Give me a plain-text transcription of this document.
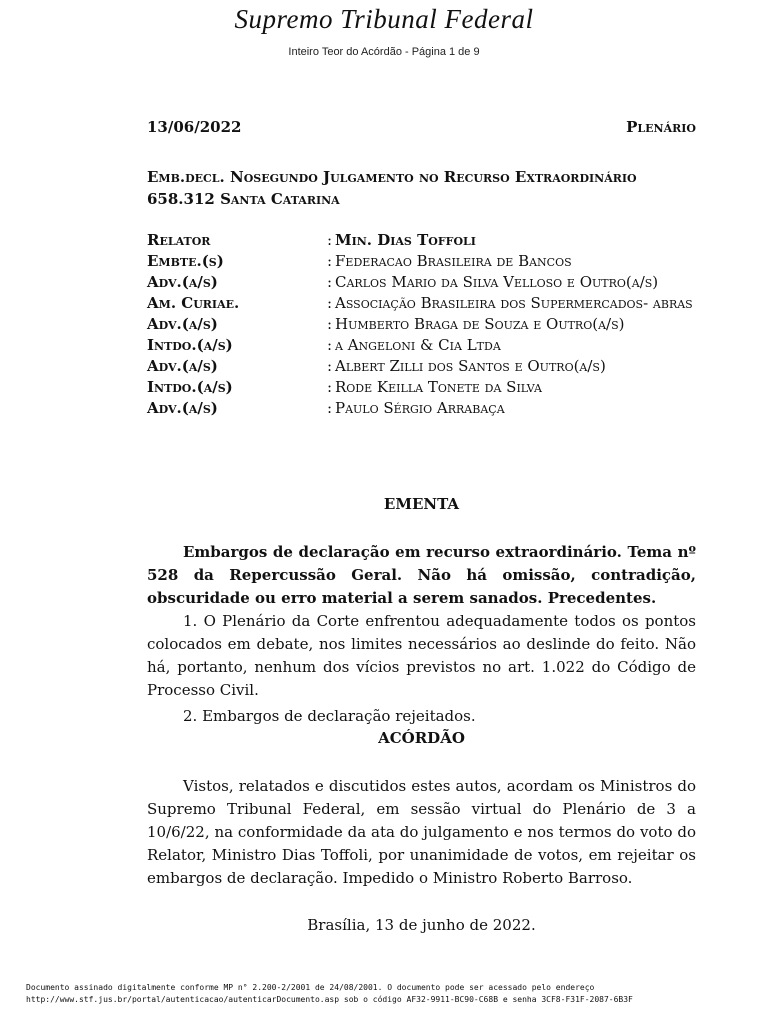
Supremo Tribunal Federal
Inteiro Teor do Acórdão - Página 1 de 9
13/06/2022	Plenário
Emb.decl. Nosegundo Julgamento no Recurso Extraordinário
658.312 Santa Catarina
Relator	: Min. Dias Toffoli
Embte.(s)	: Federacao Brasileira de Bancos
Adv.(a/s)	: Carlos Mario da Silva Velloso e Outro(a/s)
Am. Curiae.	: Associação Brasileira dos Supermercados- abras
Adv.(a/s)	: Humberto Braga de Souza e Outro(a/s)
Intdo.(a/s)	: a Angeloni & Cia Ltda
Adv.(a/s)	: Albert Zilli dos Santos e Outro(a/s)
Intdo.(a/s)	: Rode Keilla Tonete da Silva
Adv.(a/s)	: Paulo Sérgio Arrabaça
EMENTA
Embargos de declaração em recurso extraordinário. Tema nº 528 da Repercussão Geral. Não há omissão, contradição, obscuridade ou erro material a serem sanados. Precedentes.
1. O Plenário da Corte enfrentou adequadamente todos os pontos colocados em debate, nos limites necessários ao deslinde do feito. Não há, portanto, nenhum dos vícios previstos no art. 1.022 do Código de Processo Civil.
2. Embargos de declaração rejeitados.
ACÓRDÃO
Vistos, relatados e discutidos estes autos, acordam os Ministros do Supremo Tribunal Federal, em sessão virtual do Plenário de 3 a 10/6/22, na conformidade da ata do julgamento e nos termos do voto do Relator, Ministro Dias Toffoli, por unanimidade de votos, em rejeitar os embargos de declaração. Impedido o Ministro Roberto Barroso.
Brasília, 13 de junho de 2022.
Documento assinado digitalmente conforme MP n° 2.200-2/2001 de 24/08/2001. O documento pode ser acessado pelo endereço
http://www.stf.jus.br/portal/autenticacao/autenticarDocumento.asp sob o código AF32-9911-BC90-C68B e senha 3CF8-F31F-2087-6B3F
